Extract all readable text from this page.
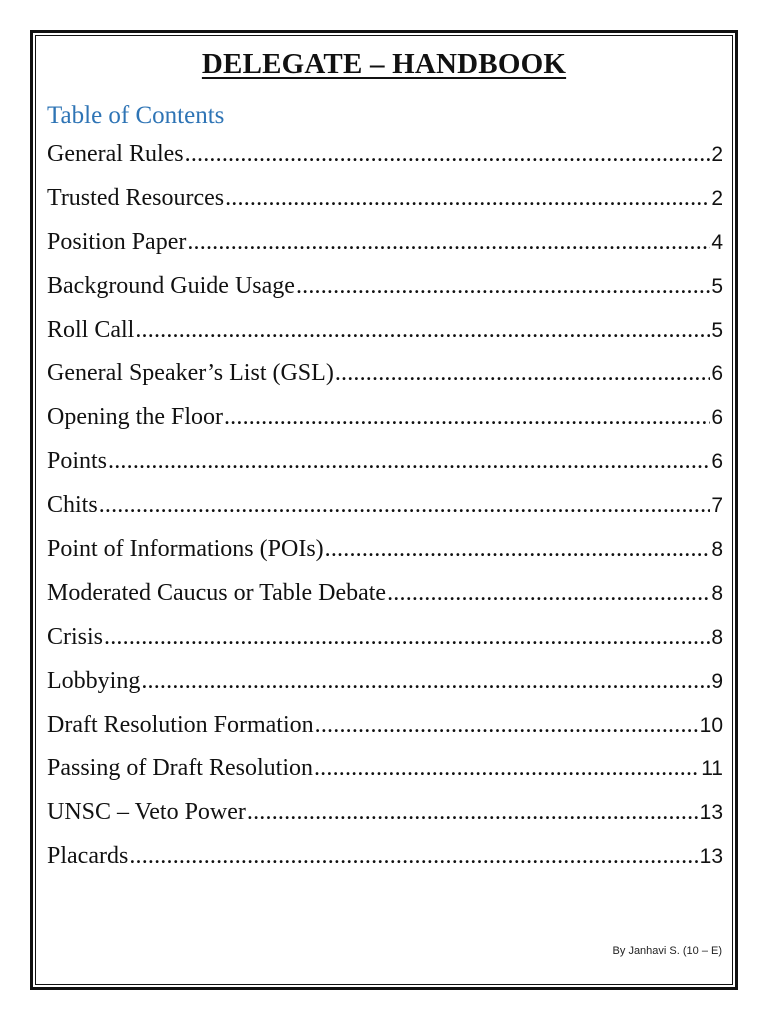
DELEGATE – HANDBOOK
Table of Contents
General Rules .....	2
Trusted Resources .....	2
Position Paper .....	4
Background Guide Usage .....	5
Roll Call .....	5
General Speaker’s List (GSL) .....	6
Opening the Floor .....	6
Points .....	6
Chits .....	7
Point of Informations (POIs) .....	8
Moderated Caucus or Table Debate .....	8
Crisis .....	8
Lobbying .....	9
Draft Resolution Formation .....	10
Passing of Draft Resolution .....	11
UNSC – Veto Power .....	13
Placards .....	13
By Janhavi S. (10 – E)
